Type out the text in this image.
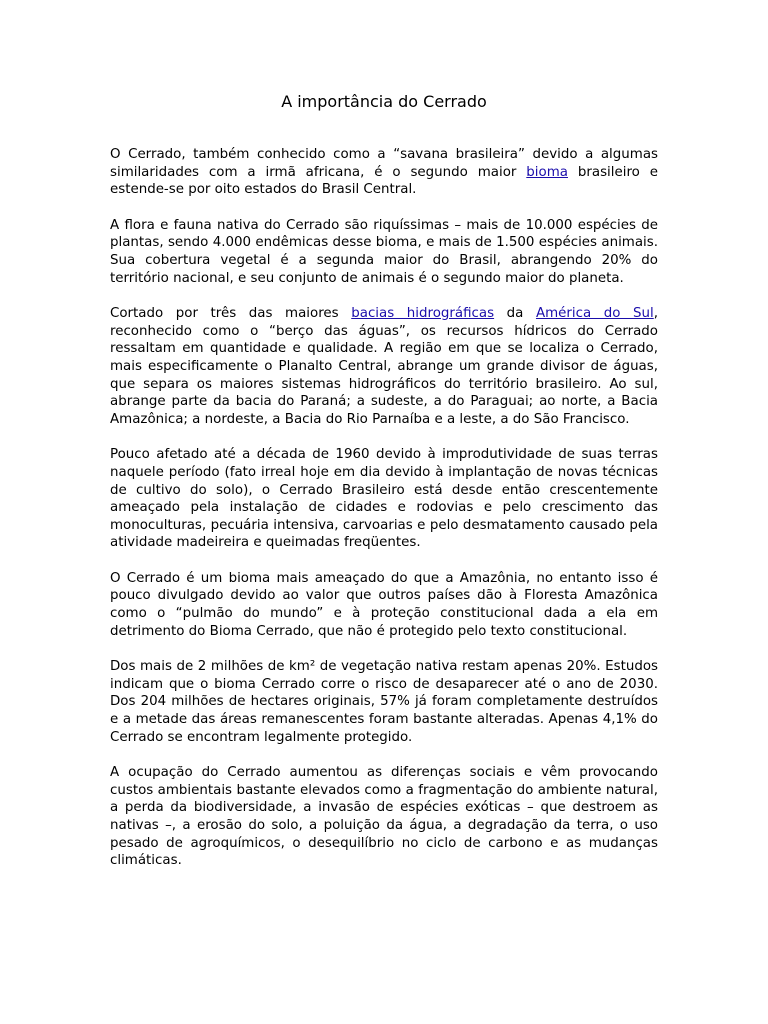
A importância do Cerrado

O Cerrado, também conhecido como a “savana brasileira” devido a algumas similaridades com a irmã africana, é o segundo maior bioma brasileiro e estende-se por oito estados do Brasil Central.

A flora e fauna nativa do Cerrado são riquíssimas – mais de 10.000 espécies de plantas, sendo 4.000 endêmicas desse bioma, e mais de 1.500 espécies animais. Sua cobertura vegetal é a segunda maior do Brasil, abrangendo 20% do território nacional, e seu conjunto de animais é o segundo maior do planeta.

Cortado por três das maiores bacias hidrográficas da América do Sul, reconhecido como o “berço das águas”, os recursos hídricos do Cerrado ressaltam em quantidade e qualidade. A região em que se localiza o Cerrado, mais especificamente o Planalto Central, abrange um grande divisor de águas, que separa os maiores sistemas hidrográficos do território brasileiro. Ao sul, abrange parte da bacia do Paraná; a sudeste, a do Paraguai; ao norte, a Bacia Amazônica; a nordeste, a Bacia do Rio Parnaíba e a leste, a do São Francisco.

Pouco afetado até a década de 1960 devido à improdutividade de suas terras naquele período (fato irreal hoje em dia devido à implantação de novas técnicas de cultivo do solo), o Cerrado Brasileiro está desde então crescentemente ameaçado pela instalação de cidades e rodovias e pelo crescimento das monoculturas, pecuária intensiva, carvoarias e pelo desmatamento causado pela atividade madeireira e queimadas freqüentes.

O Cerrado é um bioma mais ameaçado do que a Amazônia, no entanto isso é pouco divulgado devido ao valor que outros países dão à Floresta Amazônica como o “pulmão do mundo” e à proteção constitucional dada a ela em detrimento do Bioma Cerrado, que não é protegido pelo texto constitucional.

Dos mais de 2 milhões de km² de vegetação nativa restam apenas 20%. Estudos indicam que o bioma Cerrado corre o risco de desaparecer até o ano de 2030. Dos 204 milhões de hectares originais, 57% já foram completamente destruídos e a metade das áreas remanescentes foram bastante alteradas. Apenas 4,1% do Cerrado se encontram legalmente protegido.

A ocupação do Cerrado aumentou as diferenças sociais e vêm provocando custos ambientais bastante elevados como a fragmentação do ambiente natural, a perda da biodiversidade, a invasão de espécies exóticas – que destroem as nativas –, a erosão do solo, a poluição da água, a degradação da terra, o uso pesado de agroquímicos, o desequilíbrio no ciclo de carbono e as mudanças climáticas.
